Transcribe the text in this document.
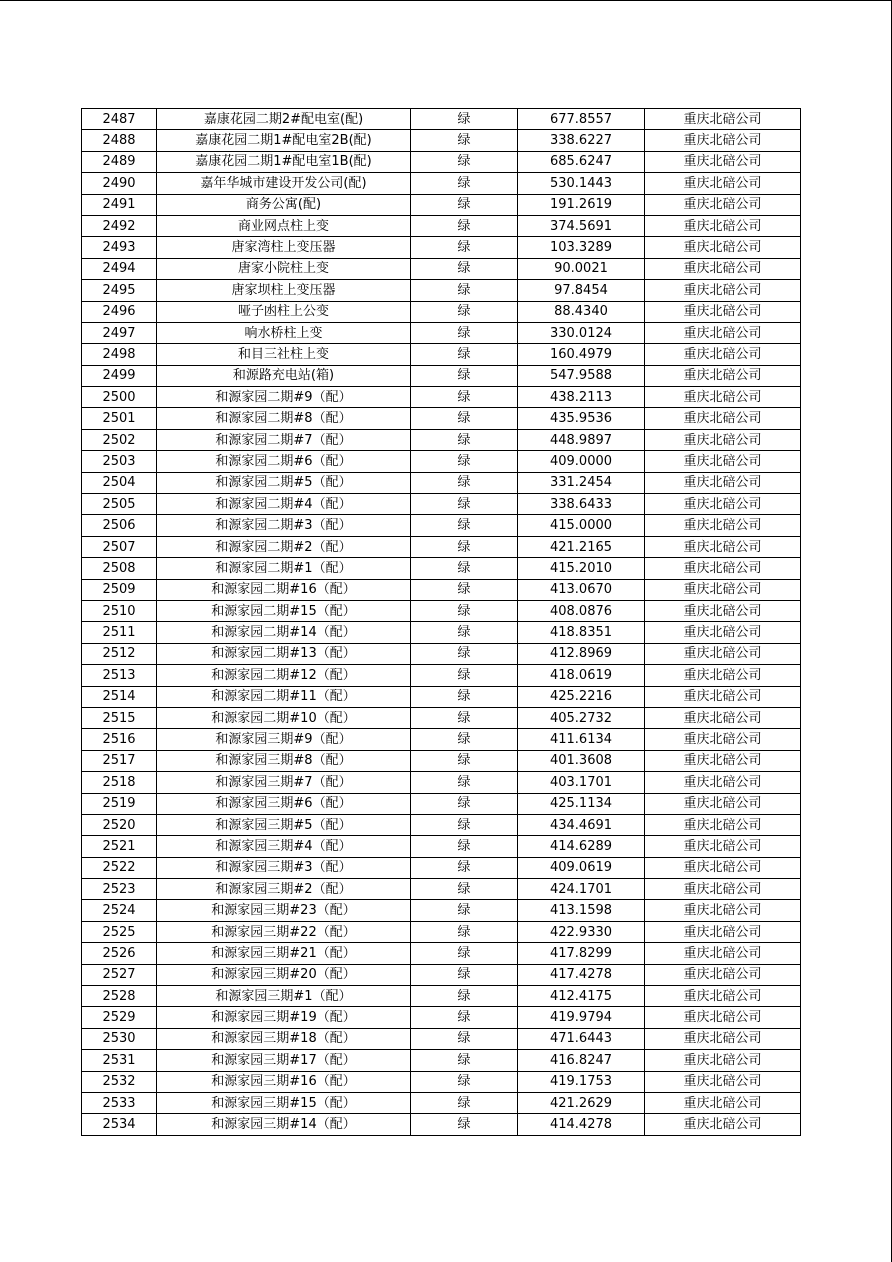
2487	嘉康花园二期2#配电室(配)	绿	677.8557	重庆北碚公司
2488	嘉康花园二期1#配电室2B(配)	绿	338.6227	重庆北碚公司
2489	嘉康花园二期1#配电室1B(配)	绿	685.6247	重庆北碚公司
2490	嘉年华城市建设开发公司(配)	绿	530.1443	重庆北碚公司
2491	商务公寓(配)	绿	191.2619	重庆北碚公司
2492	商业网点柱上变	绿	374.5691	重庆北碚公司
2493	唐家湾柱上变压器	绿	103.3289	重庆北碚公司
2494	唐家小院柱上变	绿	90.0021	重庆北碚公司
2495	唐家坝柱上变压器	绿	97.8454	重庆北碚公司
2496	哑子凼柱上公变	绿	88.4340	重庆北碚公司
2497	响水桥柱上变	绿	330.0124	重庆北碚公司
2498	和目三社柱上变	绿	160.4979	重庆北碚公司
2499	和源路充电站(箱)	绿	547.9588	重庆北碚公司
2500	和源家园二期#9（配）	绿	438.2113	重庆北碚公司
2501	和源家园二期#8（配）	绿	435.9536	重庆北碚公司
2502	和源家园二期#7（配）	绿	448.9897	重庆北碚公司
2503	和源家园二期#6（配）	绿	409.0000	重庆北碚公司
2504	和源家园二期#5（配）	绿	331.2454	重庆北碚公司
2505	和源家园二期#4（配）	绿	338.6433	重庆北碚公司
2506	和源家园二期#3（配）	绿	415.0000	重庆北碚公司
2507	和源家园二期#2（配）	绿	421.2165	重庆北碚公司
2508	和源家园二期#1（配）	绿	415.2010	重庆北碚公司
2509	和源家园二期#16（配）	绿	413.0670	重庆北碚公司
2510	和源家园二期#15（配）	绿	408.0876	重庆北碚公司
2511	和源家园二期#14（配）	绿	418.8351	重庆北碚公司
2512	和源家园二期#13（配）	绿	412.8969	重庆北碚公司
2513	和源家园二期#12（配）	绿	418.0619	重庆北碚公司
2514	和源家园二期#11（配）	绿	425.2216	重庆北碚公司
2515	和源家园二期#10（配）	绿	405.2732	重庆北碚公司
2516	和源家园三期#9（配）	绿	411.6134	重庆北碚公司
2517	和源家园三期#8（配）	绿	401.3608	重庆北碚公司
2518	和源家园三期#7（配）	绿	403.1701	重庆北碚公司
2519	和源家园三期#6（配）	绿	425.1134	重庆北碚公司
2520	和源家园三期#5（配）	绿	434.4691	重庆北碚公司
2521	和源家园三期#4（配）	绿	414.6289	重庆北碚公司
2522	和源家园三期#3（配）	绿	409.0619	重庆北碚公司
2523	和源家园三期#2（配）	绿	424.1701	重庆北碚公司
2524	和源家园三期#23（配）	绿	413.1598	重庆北碚公司
2525	和源家园三期#22（配）	绿	422.9330	重庆北碚公司
2526	和源家园三期#21（配）	绿	417.8299	重庆北碚公司
2527	和源家园三期#20（配）	绿	417.4278	重庆北碚公司
2528	和源家园三期#1（配）	绿	412.4175	重庆北碚公司
2529	和源家园三期#19（配）	绿	419.9794	重庆北碚公司
2530	和源家园三期#18（配）	绿	471.6443	重庆北碚公司
2531	和源家园三期#17（配）	绿	416.8247	重庆北碚公司
2532	和源家园三期#16（配）	绿	419.1753	重庆北碚公司
2533	和源家园三期#15（配）	绿	421.2629	重庆北碚公司
2534	和源家园三期#14（配）	绿	414.4278	重庆北碚公司
